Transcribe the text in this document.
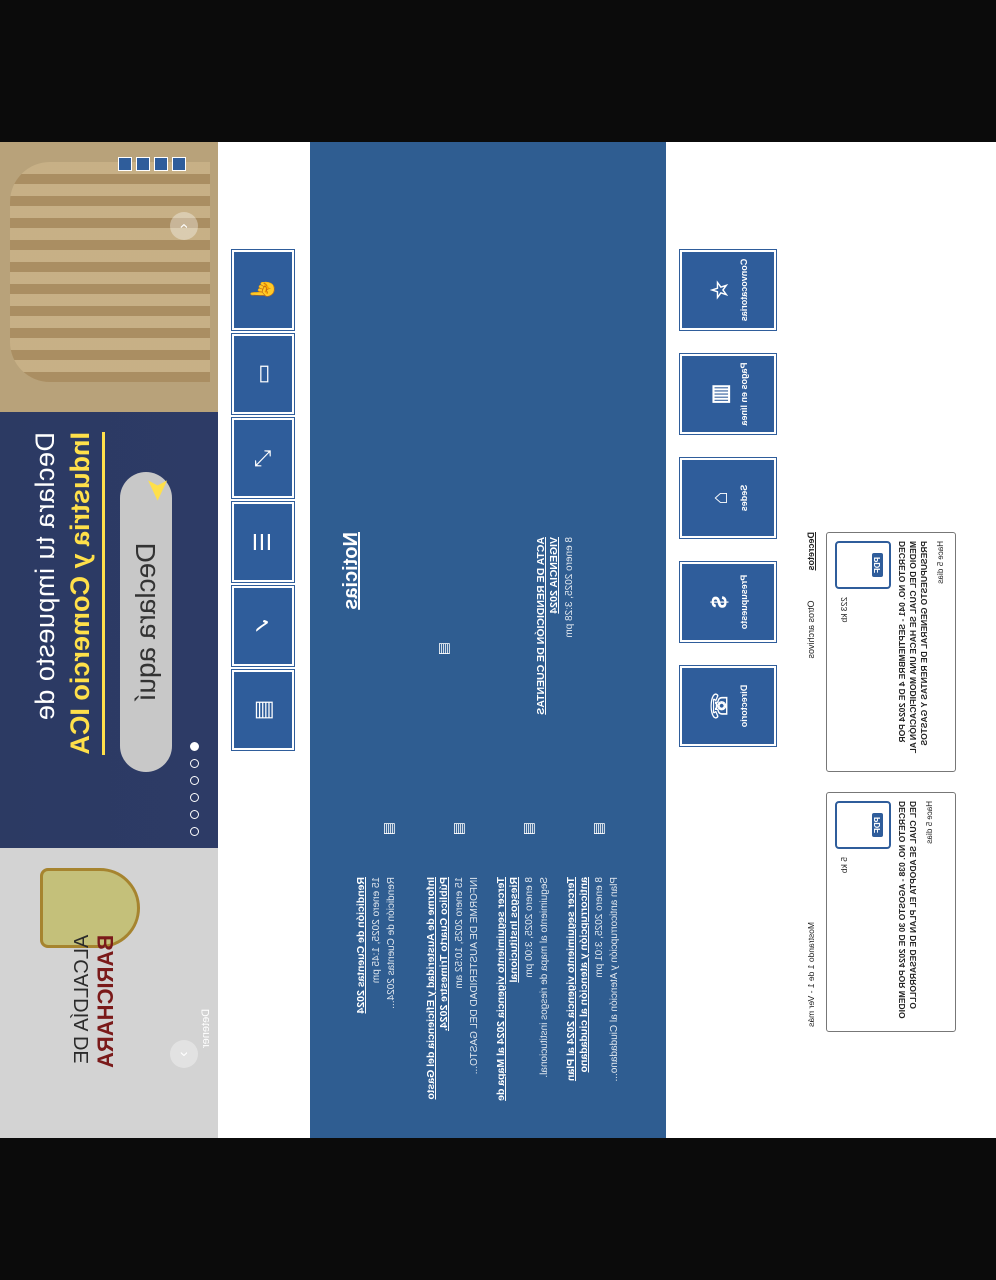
ALCALDÍA DE BARICHARA
Declara tu impuesto de Industria y Comercio ICA	Declara aquí
➤
‹
›
Detener
☝
▭
⤢
☰
✓
▤
Noticias	ACTA DE RENDICIÓN DE CUENTAS VIGENCIA 2024 8 enero 2025, 3:28 pm
▤
▤
Tercer seguimiento vigencia 2024 al Plan anticorrupción y atención al ciudadano 8 enero 2025, 3:01 pm Plan anticorrupción y Atención al Ciudadano...
▤
Tercer seguimiento vigencia 2024 al Mapa de Riesgos Institucional 8 enero 2025, 3:00 pm Seguimiento al mapa de riesgos institucional.
▤
Informe de Austeridad y Eficiencia del Gasto Público Cuarto Trimestre 2024. 15 enero 2025, 10:52 am INFORME DE AUSTERIDAD DEL GASTO...
▤
Rendición de Cuentas 2024 15 enero 2025, 1:45 pm Rendición de Cuentas 2024...
☆ Convocatorias
▥ Pagos en línea
⌂ Sedes
$ Presupuesto
☏ Directorio
Decretos
Otros archivos
Mostrando 1 de 1 - Ver más
PDF
223 kb	DECRETO NO. 041 - SEPTIEMBRE 4 DE 2024 POR MEDIO DEL CUAL SE HACE UNA MODIFICACIÓN AL PRESUPUESTO GENERAL DE RENTAS Y GASTOS Hace 5 días
PDF
5 kb	DECRETO NO. 038 - AGOSTO 30 DE 2024 POR MEDIO DEL CUAL SE ADOPTA EL PLAN DE DESARROLLO Hace 5 días
